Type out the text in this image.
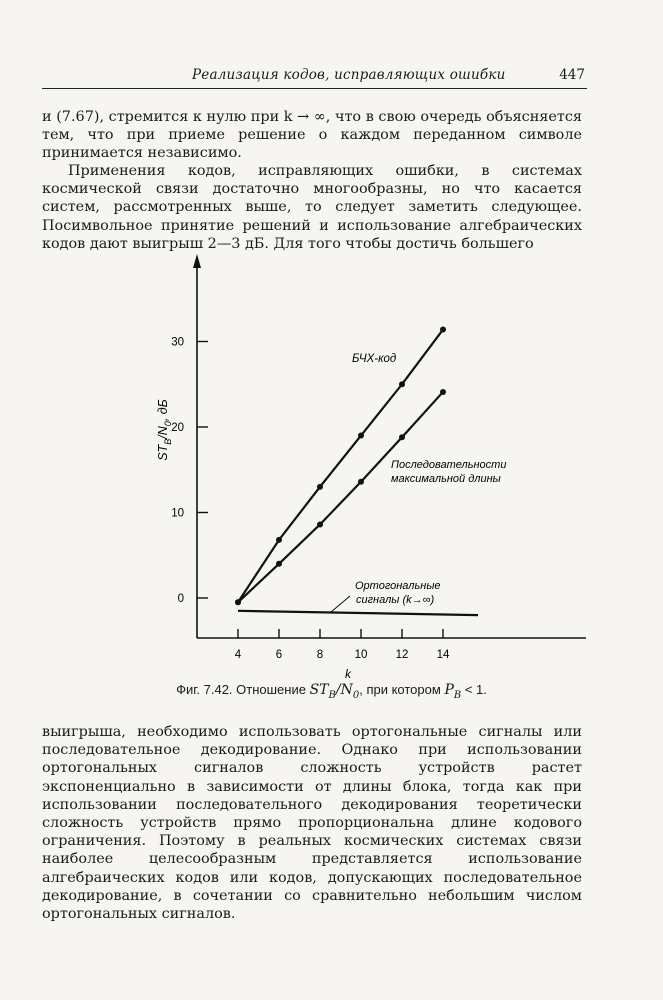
Реализация кодов, исправляющих ошибки	447

и (7.67), стремится к нулю при k → ∞, что в свою очередь объясняется тем, что при приеме решение о каждом переданном символе принимается независимо.

Применения кодов, исправляющих ошибки, в системах космической связи достаточно многообразны, но что касается систем, рассмотренных выше, то следует заметить следующее. Посимвольное принятие решений и использование алгебраических кодов дают выигрыш 2—3 дБ. Для того чтобы достичь большего

4	6	8	10 12 14
0
10
20
30
k
$ST_B/N_0$, дБ
БЧХ-код
Последовательности
максимальной длины
Ортогональные
сигналы (k→∞)
Фиг. 7.42. Отношение $ST_B/N_0$, при котором $P_B < 1$.

выигрыша, необходимо использовать ортогональные сигналы или последовательное декодирование. Однако при использовании ортогональных сигналов сложность устройств растет экспоненциально в зависимости от длины блока, тогда как при использовании последовательного декодирования теоретически сложность устройств прямо пропорциональна длине кодового ограничения. Поэтому в реальных космических системах связи наиболее целесообразным представляется использование алгебраических кодов или кодов, допускающих последовательное декодирование, в сочетании со сравнительно небольшим числом ортогональных сигналов.
